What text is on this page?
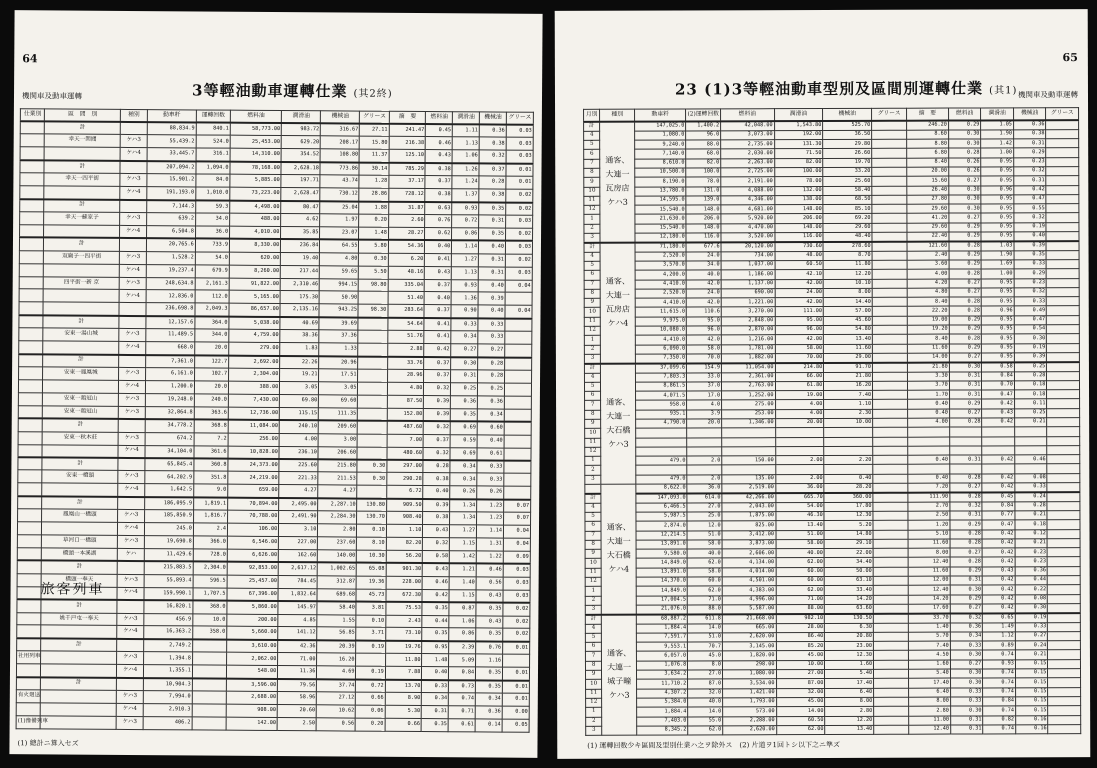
64
機関車及動車運轉	3等輕油動車運轉仕業 (其2終)
仕業別	區　間　別	種別	動車粁	運轉回数	燃料油	潤滑油	機械油	グリース	摘　要	燃料油	潤滑油	機械油	グリース
	計		88,834.9	840.1	58,773.00	983.72	316.67	27.11	241.47	0.45	1.11	0.36	0.03
	幸天一関聞	ケハ3	55,439.2	524.0	25,453.00	629.20	208.17	15.80	216.38	0.46	1.13	0.38	0.03
		ケハ4	33,445.7	316.1	14,310.00	354.52	108.80	11.37	125.10	0.43	1.06	0.32	0.03
	計		207,094.2	1,094.0	78,168.00	2,628.18	773.86	30.14	785.29	0.38	1.26	0.37	0.01
	幸天一四平街	ケハ3	15,901.2	84.0	5,885.00	197.71	43.74	1.28	37.17	0.37	1.24	0.28	0.01
		ケハ4	191,193.0	1,010.0	73,223.00	2,628.47	730.12	28.86	728.12	0.38	1.37	0.38	0.02
	計		7,144.3	59.3	4,498.00	80.47	25.04	1.88	31.87	0.63	0.93	0.35	0.02
	幸天一蘇家子	ケハ3	639.2	34.0	488.00	4.62	1.97	0.20	2.60	0.76	0.72	0.31	0.03
		ケハ4	6,504.8	36.0	4,010.00	35.85	23.07	1.48	28.27	0.62	0.86	0.35	0.02
	計		20,765.6	733.9	8,330.00	236.84	64.55	5.80	54.36	0.40	1.14	0.40	0.03
	双廟子一四平街	ケハ3	1,528.2	54.0	620.00	19.40	4.80	0.30	6.20	0.41	1.27	0.31	0.02
		ケハ4	19,237.4	679.9	8,260.00	217.44	59.65	5.50	48.16	0.43	1.13	0.31	0.03
	四平街一新 京	ケハ3	248,634.8	2,161.3	91,822.00	2,310.46	994.15	98.80	335.04	0.37	0.93	0.40	0.04
		ケハ4	12,836.0	112.0	5,165.00	175.30	50.90		51.40	0.40	1.36	0.39	
			236,698.8	2,049.3	86,657.00	2,135.16	943.25	98.30	283.64	0.37	0.90	0.40	0.04
	計		12,157.6	364.0	5,038.00	40.69	39.69		54.64	0.41	0.33	0.33	
	安東一湯山城	ケハ3	11,489.5	344.0	4,759.00	38.36	37.36		51.76	0.41	0.34	0.33	
		ケハ4	668.0	20.0	279.00	1.83	1.33		2.88	0.42	0.27	0.27	
	計		7,361.0	122.7	2,692.00	22.26	20.96		33.76	0.37	0.30	0.28	
	安東一鳳凰城	ケハ3	6,161.0	102.7	2,304.00	19.21	17.51		28.96	0.37	0.31	0.28	
		ケハ4	1,200.0	20.0	388.00	3.05	3.05		4.80	0.32	0.25	0.25	
	安東一鶏冠山	ケハ3	19,248.0	240.0	7,430.00	69.80	69.60		87.50	0.39	0.36	0.36	
	安東一鶏冠山	ケハ3	32,864.8	363.6	12,736.00	115.15	111.35		152.80	0.39	0.35	0.34	
	計		34,778.2	368.8	11,084.00	240.10	209.60		487.60	0.32	0.69	0.60	
	安東一秋木莊	ケハ3	674.2	7.2	256.00	4.00	3.00		7.00	0.37	0.59	0.40	
		ケハ4	34,104.0	361.6	10,828.00	236.10	206.60		480.60	0.32	0.69	0.61	
	計		65,845.4	360.8	24,373.00	225.60	215.80	0.30	297.00	0.28	0.34	0.33	
	安東一橋頭	ケハ3	64,202.9	351.8	24,219.00	221.33	211.53	0.30	290.28	0.38	0.34	0.33	
		ケハ4	1,642.5	9.0	659.00	4.27	4.27		6.72	0.40	0.26	0.26	
	計		186,095.9	1,819.1	70,894.00	2,495.00	2,287.10	130.80	909.50	0.39	1.34	1.23	0.07
	鳳凰山一橋頭	ケハ3	185,850.9	1,816.7	70,788.00	2,491.90	2,284.30	130.70	908.40	0.38	1.34	1.23	0.07
		ケハ4	245.0	2.4	106.00	3.10	2.80	0.10	1.10	0.43	1.27	1.14	0.04
	草河口一橋頭	ケハ3	19,690.8	366.0	6,546.00	227.00	237.60	8.10	82.20	0.32	1.15	1.31	0.04
	橋頭一本溪湖	ケハ	11,429.6	728.0	6,626.00	162.60	140.00	10.30	56.20	0.58	1.42	1.22	0.09
	計		215,883.5	2,304.0	92,853.00	2,617.12	1,002.65	65.08	901.30	0.43	1.21	0.46	0.03
	橋頭一奉天	ケハ3	55,893.4	596.5	25,457.00	784.45	312.87	19.36	228.00	0.46	1.40	0.56	0.03
		ケハ4	159,990.1	1,707.5	67,396.00	1,832.64	689.68	45.73	672.30	0.42	1.15	0.43	0.03
	計		16,820.1	368.0	5,860.00	145.97	58.40	3.81	75.53	0.35	0.87	0.35	0.02
	姚千戸屯一奉天	ケハ3	456.9	10.0	200.00	4.85	1.55	0.10	2.43	0.44	1.06	0.43	0.02
		ケハ4	16,363.2	358.0	5,660.00	141.12	56.85	3.71	73.10	0.35	0.86	0.35	0.02
	計		2,749.2		3,610.00	42.36	20.39	0.19	19.76	0.95	2.39	0.76	0.01
社用列車		ケハ3	1,394.8		2,062.00	71.00	16.20		11.80	1.48	5.09	1.16	
		ケハ4	1,355.1		548.00	11.36	4.69	0.19	7.88	0.40	0.84	0.35	0.01
	計		10,904.3		3,596.00	79.56	37.74	0.72	13.70	0.33	0.73	0.35	0.01
有火廻送		ケハ3	7,994.0		2,688.00	58.96	27.12	0.66	8.90	0.34	0.74	0.34	0.01
		ケハ4	2,910.3		908.00	20.60	10.62	0.06	5.30	0.31	0.71	0.36	0.00
(1)豫備列車		ケハ3	406.2		142.00	2.50	0.56	0.20	0.66	0.35	0.61	0.14	0.05
旅客列車
(1) 總計ニ算入セズ
65
機関車及動車運轉
23 (1)3等輕油動車型別及區間別運轉仕業 (其1)
月別	種別	動車粁	(2)運轉回数	燃料油	潤滑油	機械油	グリース	摘　要	燃料油	潤滑油	機械油	グリース
計	通客、大連一瓦房店ケハ3	147,025.0	1,400.2	42,048.00	1,543.80	525.70		246.20	0.29	1.05	0.36	
4		1,080.0	96.0	3,073.00	192.00	36.50		8.60	0.30	1.90	0.38	
5		9,240.0	88.0	2,735.00	131.30	29.80		8.80	0.30	1.42	0.31	
6		7,140.0	68.0	2,030.00	71.50	26.60		6.80	0.28	1.00	0.29	
7		8,610.0	82.0	2,263.00	82.00	19.70		8.40	0.26	0.95	0.23	
8		10,500.0	100.0	2,725.00	100.00	33.20		20.00	0.26	0.95	0.32	
9		8,190.0	78.0	2,191.00	78.00	25.60		15.60	0.27	0.95	0.31	
10		13,780.0	131.0	4,088.00	132.00	58.40		26.40	0.30	0.96	0.42	
11		14,595.0	139.0	4,346.00	138.00	68.50		27.80	0.30	0.95	0.47	
12		15,540.0	148.0	4,681.00	148.00	85.10		29.60	0.30	0.95	0.55	
1		21,630.0	206.0	5,920.00	206.00	69.20		41.20	0.27	0.95	0.32	
2		15,540.0	148.0	4,470.00	148.00	29.60		29.60	0.29	0.95	0.19	
3		12,180.0	116.0	3,520.00	116.00	48.40		22.40	0.29	0.95	0.40	
計	通客、大連一瓦房店ケハ4	71,180.0	677.6	20,120.00	730.60	278.60		121.60	0.28	1.03	0.39	
4		2,520.0	24.0	734.00	48.00	8.70		2.40	0.29	1.90	0.35	
5		3,570.0	34.0	1,037.00	60.50	11.80		3.60	0.29	1.69	0.33	
6		4,200.0	40.0	1,186.00	42.10	12.20		4.00	0.28	1.00	0.29	
7		4,410.0	42.0	1,137.00	42.00	10.10		4.20	0.27	0.95	0.23	
8		2,520.0	24.0	690.00	24.00	8.00		4.80	0.27	0.95	0.32	
9		4,410.0	42.0	1,221.00	42.00	14.40		8.40	0.28	0.95	0.33	
10		11,615.0	110.6	3,270.00	111.00	57.00		22.20	0.28	0.96	0.49	
11		9,975.0	95.0	2,848.00	95.00	45.60		19.00	0.29	0.95	0.47	
12		10,080.0	96.0	2,870.00	96.00	54.80		19.20	0.29	0.95	0.54	
1		4,410.0	42.0	1,216.00	42.00	13.40		8.40	0.28	0.95	0.30	
2		6,090.0	58.0	1,781.00	58.00	11.60		11.60	0.29	0.95	0.19	
3		7,350.0	70.0	1,882.00	70.00	29.00		14.00	0.27	0.95	0.39	
計	通客、大連一大石橋ケハ3	37,099.6	154.9	11,054.00	214.80	91.70		21.80	0.30	0.58	0.25	
4		7,803.3	33.0	2,361.00	66.00	21.80		3.30	0.31	0.84	0.28	
5		8,861.5	37.0	2,763.00	61.80	16.20		3.70	0.31	0.70	0.18	
6		4,071.5	17.0	1,252.00	19.00	7.40		1.70	0.31	0.47	0.18	
7		958.0	4.0	275.00	4.00	1.10		0.40	0.29	0.42	0.11	
8		935.1	3.9	253.00	4.00	2.30		0.40	0.27	0.43	0.25	
9		4,790.0	20.0	1,346.00	20.00	10.00		4.00	0.28	0.42	0.21	
10												
11												
12												
1		479.0	2.0	150.00	2.00	2.20		0.40	0.31	0.42	0.46	
2												
3		479.0	2.0	135.00	2.00	0.40		0.40	0.28	0.42	0.08	
	通客、大連一大石橋ケハ4	8,622.0	36.0	2,519.00	36.00	28.20		7.20	0.27	0.42	0.33	
計		147,093.0	614.0	42,266.00	665.70	360.00		111.90	0.28	0.45	0.24	
4		6,466.5	27.0	2,043.00	54.00	17.80		2.70	0.32	0.84	0.28	
5		5,987.5	25.0	1,875.00	46.30	12.30		2.50	0.31	0.77	0.21	
6		2,874.0	12.0	825.00	13.40	5.20		1.20	0.29	0.47	0.18	
7		12,214.5	51.0	3,412.00	51.00	14.80		5.10	0.28	0.42	0.12	
8		13,891.0	58.0	3,873.00	58.00	29.10		11.60	0.28	0.42	0.21	
9		9,580.0	40.0	2,606.00	40.00	22.00		8.00	0.27	0.42	0.23	
10		14,849.0	62.0	4,134.00	62.00	34.40		12.40	0.28	0.42	0.23	
11		13,891.0	58.0	4,014.00	60.00	50.00		11.60	0.29	0.43	0.36	
12		14,370.0	60.0	4,501.00	60.00	63.10		12.00	0.31	0.42	0.44	
1		14,849.0	62.0	4,383.00	62.00	33.40		12.40	0.30	0.42	0.22	
2		17,004.5	71.0	4,996.00	71.00	14.20		14.20	0.29	0.42	0.08	
3		21,076.0	88.0	5,587.00	88.00	63.60		17.60	0.27	0.42	0.30	
計	通客、大連一城子疃ケハ3	68,887.2	611.8	21,668.00	982.10	130.50		33.70	0.32	0.65	0.19	
4		1,884.4	14.0	665.00	28.00	6.30		1.40	0.36	1.49	0.33	
5		7,591.7	51.0	2,620.00	86.40	20.80		5.70	0.34	1.12	0.27	
6		9,553.1	70.7	3,145.00	85.20	23.00		7.40	0.33	0.89	0.24	
7		6,057.0	45.0	1,820.00	45.00	12.30		4.50	0.30	0.74	0.21	
8		1,076.8	8.0	298.00	10.00	1.60		1.60	0.27	0.93	0.15	
9		3,634.2	27.0	1,080.00	27.00	5.40		5.40	0.30	0.74	0.15	
10		11,710.2	87.0	3,534.00	87.00	17.40		17.40	0.30	0.74	0.15	
11		4,307.2	32.0	1,421.00	32.00	6.40		6.40	0.33	0.74	0.15	
12		5,384.0	40.0	1,793.00	45.00	8.00		8.00	0.33	0.84	0.15	
1		1,884.4	14.0	573.00	14.00	2.80		2.80	0.30	0.74	0.15	
2		7,403.0	55.0	2,288.00	60.50	12.20		11.00	0.31	0.82	0.16	
3		8,345.2	62.0	2,620.00	62.00	13.40		12.40	0.31	0.74	0.16	
(1) 運轉回数少キ區間及型別仕業ハ之ヲ除外ス　(2) 片道ヲ1回トシ以下之ニ準ズ
